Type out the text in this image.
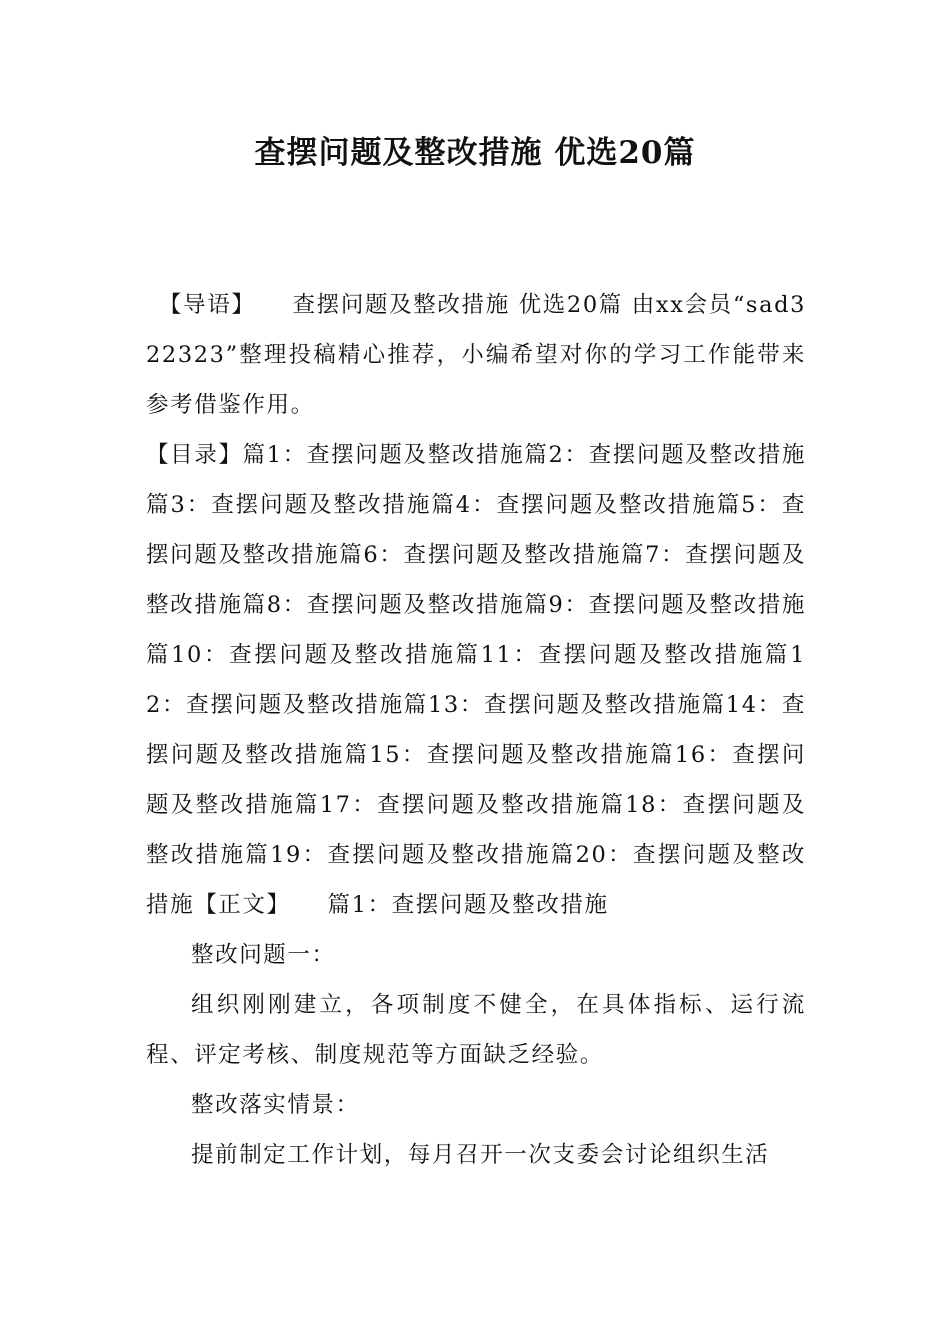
查摆问题及整改措施 优选20篇

　【导语】　　查摆问题及整改措施 优选20篇 由xx会员“sad322323”整理投稿精心推荐，小编希望对你的学习工作能带来参考借鉴作用。

【目录】篇1：查摆问题及整改措施篇2：查摆问题及整改措施篇3：查摆问题及整改措施篇4：查摆问题及整改措施篇5：查摆问题及整改措施篇6：查摆问题及整改措施篇7：查摆问题及整改措施篇8：查摆问题及整改措施篇9：查摆问题及整改措施篇10：查摆问题及整改措施篇11：查摆问题及整改措施篇12：查摆问题及整改措施篇13：查摆问题及整改措施篇14：查摆问题及整改措施篇15：查摆问题及整改措施篇16：查摆问题及整改措施篇17：查摆问题及整改措施篇18：查摆问题及整改措施篇19：查摆问题及整改措施篇20：查摆问题及整改措施【正文】　　篇1：查摆问题及整改措施

整改问题一：

组织刚刚建立，各项制度不健全，在具体指标、运行流程、评定考核、制度规范等方面缺乏经验。

整改落实情景：

提前制定工作计划，每月召开一次支委会讨论组织生活
